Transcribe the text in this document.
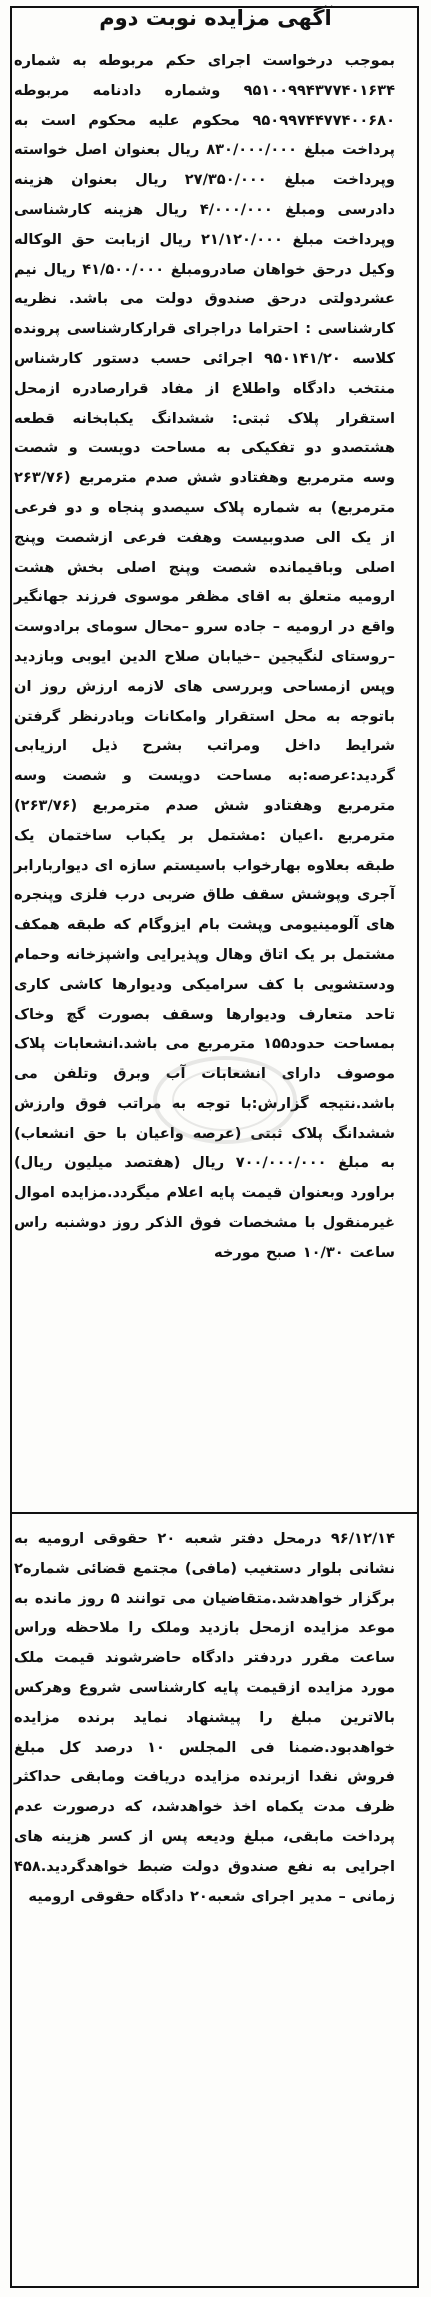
آگهی مزایده نوبت دوم
بموجب درخواست اجرای حکم مربوطه به شماره ۹۵۱۰۰۹۹۴۳۷۷۴۰۱۶۳۴ وشماره دادنامه مربوطه ۹۵۰۹۹۷۴۴۷۷۴۰۰۶۸۰ محکوم علیه محکوم است به پرداخت مبلغ ۸۳۰/۰۰۰/۰۰۰ ریال بعنوان اصل خواسته وپرداخت مبلغ ۲۷/۳۵۰/۰۰۰ ریال بعنوان هزینه دادرسی ومبلغ ۴/۰۰۰/۰۰۰ ریال هزینه کارشناسی وپرداخت مبلغ ۲۱/۱۲۰/۰۰۰ ریال ازبابت حق الوکاله وکیل درحق خواهان صادرومبلغ ۴۱/۵۰۰/۰۰۰ ریال نیم عشردولتی درحق صندوق دولت می باشد. نظریه کارشناسی : احتراما دراجرای قرارکارشناسی پرونده کلاسه ۹۵۰۱۴۱/۲۰ اجرائی حسب دستور کارشناس منتخب دادگاه واطلاع از مفاد قرارصادره ازمحل استقرار پلاک ثبتی: ششدانگ یکبابخانه قطعه هشتصدو دو تفکیکی به مساحت دویست و شصت وسه مترمربع وهفتادو شش صدم مترمربع (۲۶۳/۷۶ مترمربع) به شماره پلاک سیصدو پنجاه و دو فرعی از یک الی صدوبیست وهفت فرعی ازشصت وپنج اصلی وباقیمانده شصت وپنج اصلی بخش هشت ارومیه متعلق به اقای مظفر موسوی فرزند جهانگیر واقع در ارومیه – جاده سرو –محال سومای برادوست –روستای لنگیجین –خیابان صلاح الدین ایوبی وبازدید وپس ازمساحی وبررسی های لازمه ارزش روز ان باتوجه به محل استقرار وامکانات وبادرنظر گرفتن شرایط داخل ومراتب بشرح ذیل ارزیابی گردید:عرصه:به مساحت دویست و شصت وسه مترمربع وهفتادو شش صدم مترمربع (۲۶۳/۷۶) مترمربع .اعیان :مشتمل بر یکباب ساختمان یک طبقه بعلاوه بهارخواب باسیستم سازه ای دیواربارابر آجری وپوشش سقف طاق ضربی درب فلزی وپنجره های آلومینیومی وپشت بام ایزوگام که طبقه همکف مشتمل بر یک اتاق وهال وپذیرایی واشپزخانه وحمام ودستشویی با کف سرامیکی ودیوارها کاشی کاری تاحد متعارف ودیوارها وسقف بصورت گچ وخاک بمساحت حدود۱۵۵ مترمربع می باشد.انشعابات پلاک موصوف دارای انشعابات آب وبرق وتلفن می باشد.نتیجه گزارش:با توجه به مراتب فوق وارزش ششدانگ پلاک ثبتی (عرصه واعیان با حق انشعاب) به مبلغ ۷۰۰/۰۰۰/۰۰۰ ریال (هفتصد میلیون ریال) براورد وبعنوان قیمت پایه اعلام میگردد.مزایده اموال غیرمنقول با مشخصات فوق الذکر روز دوشنبه راس ساعت ۱۰/۳۰ صبح مورخه
۹۶/۱۲/۱۴ درمحل دفتر شعبه ۲۰ حقوقی ارومیه به نشانی بلوار دستغیب (مافی) مجتمع قضائی شماره۲ برگزار خواهدشد.متقاضیان می توانند ۵ روز مانده به موعد مزایده ازمحل بازدید وملک را ملاحظه وراس ساعت مقرر دردفتر دادگاه حاضرشوند قیمت ملک مورد مزایده ازقیمت پایه کارشناسی شروع وهرکس بالاترین مبلغ را پیشنهاد نماید برنده مزایده خواهدبود.ضمنا فی المجلس ۱۰ درصد کل مبلغ فروش نقدا ازبرنده مزایده دریافت ومابقی حداکثر ظرف مدت یکماه اخذ خواهدشد، که درصورت عدم پرداخت مابقی، مبلغ ودیعه پس از کسر هزینه های اجرایی به نفع صندوق دولت ضبط خواهدگردید.۴۵۸ زمانی – مدیر اجرای شعبه۲۰ دادگاه حقوقی ارومیه
